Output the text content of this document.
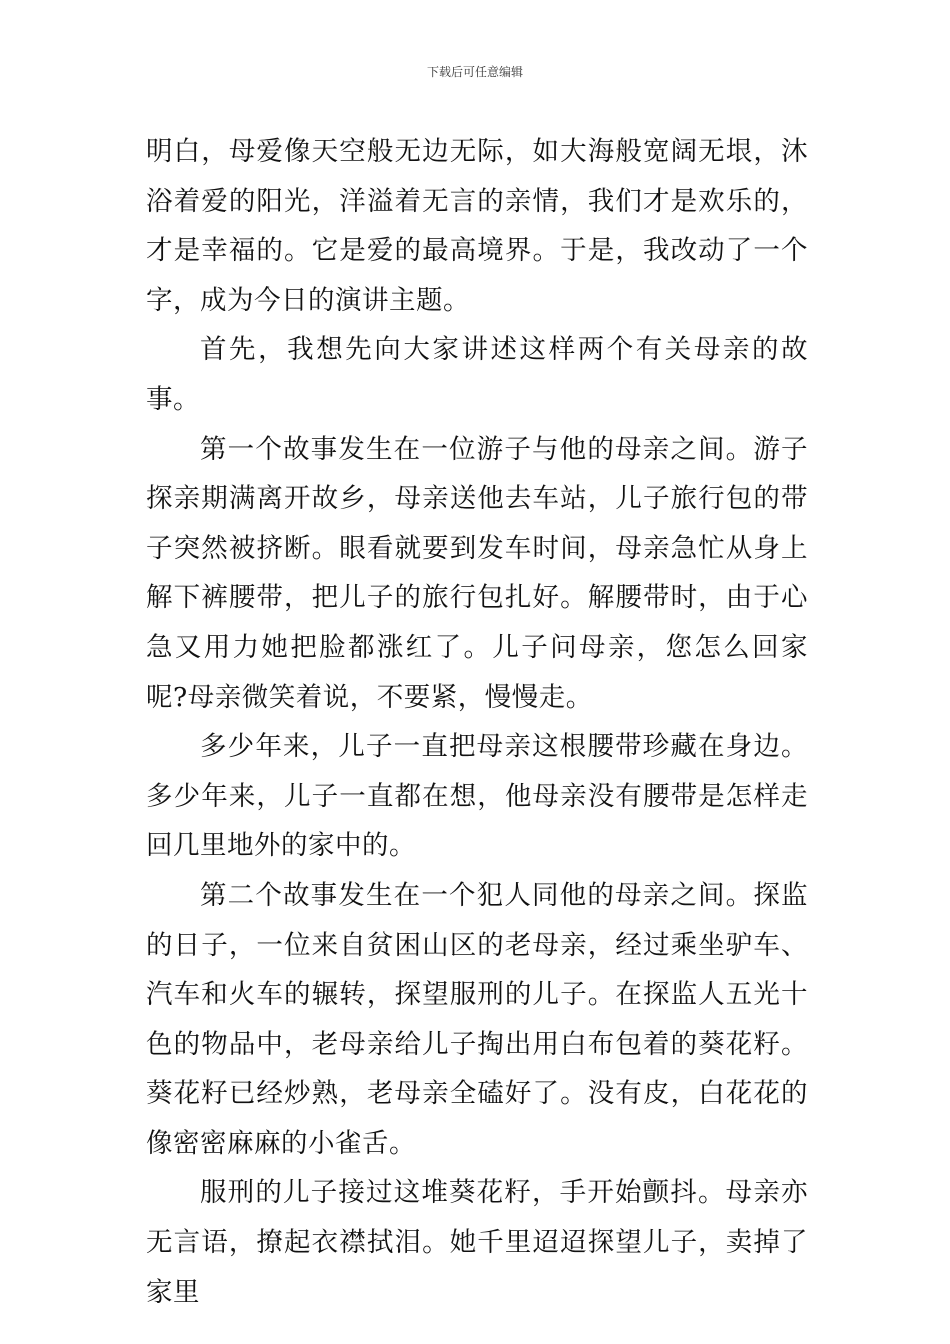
下载后可任意编辑

明白，母爱像天空般无边无际，如大海般宽阔无垠，沐浴着爱的阳光，洋溢着无言的亲情，我们才是欢乐的，才是幸福的。它是爱的最高境界。于是，我改动了一个字，成为今日的演讲主题。

首先，我想先向大家讲述这样两个有关母亲的故事。

第一个故事发生在一位游子与他的母亲之间。游子探亲期满离开故乡，母亲送他去车站，儿子旅行包的带子突然被挤断。眼看就要到发车时间，母亲急忙从身上解下裤腰带，把儿子的旅行包扎好。解腰带时，由于心急又用力她把脸都涨红了。儿子问母亲，您怎么回家呢?母亲微笑着说，不要紧，慢慢走。

多少年来，儿子一直把母亲这根腰带珍藏在身边。多少年来，儿子一直都在想，他母亲没有腰带是怎样走回几里地外的家中的。

第二个故事发生在一个犯人同他的母亲之间。探监的日子，一位来自贫困山区的老母亲，经过乘坐驴车、汽车和火车的辗转，探望服刑的儿子。在探监人五光十色的物品中，老母亲给儿子掏出用白布包着的葵花籽。葵花籽已经炒熟，老母亲全磕好了。没有皮，白花花的像密密麻麻的小雀舌。

服刑的儿子接过这堆葵花籽，手开始颤抖。母亲亦无言语，撩起衣襟拭泪。她千里迢迢探望儿子，卖掉了家里
